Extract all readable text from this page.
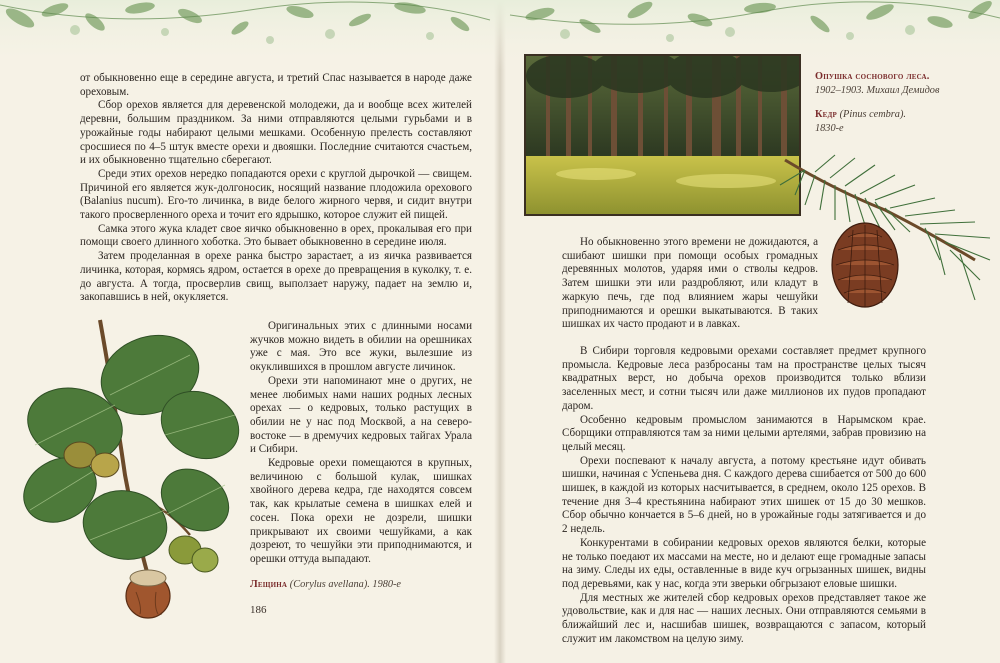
от обыкновенно еще в середине августа, и третий Спас называется в народе даже ореховым.

Сбор орехов является для деревенской молодежи, да и вообще всех жителей деревни, большим праздником. За ними отправляются целыми гурьбами и в урожайные годы набирают целыми мешками. Особенную прелесть составляют сросшиеся по 4–5 штук вместе орехи и двояшки. Последние считаются счастьем, и их обыкновенно тщательно сберегают.

Среди этих орехов нередко попадаются орехи с круглой дырочкой — свищем. Причиной его является жук-долгоносик, носящий название плодожила орехового (Balanius nucum). Его-то личинка, в виде белого жирного червя, и сидит внутри такого просверленного ореха и точит его ядрышко, которое служит ей пищей.

Самка этого жука кладет свое яичко обыкновенно в орех, прокалывая его при помощи своего длинного хоботка. Это бывает обыкновенно в середине июля.

Затем проделанная в орехе ранка быстро зарастает, а из яичка развивается личинка, которая, кормясь ядром, остается в орехе до превращения в куколку, т. е. до августа. А тогда, просверлив свищ, выползает наружу, падает на землю и, закопавшись в ней, окукляется.

Оригинальных этих с длинными носами жучков можно видеть в обилии на орешниках уже с мая. Это все жуки, вылезшие из окуклившихся в прошлом августе личинок.

Орехи эти напоминают мне о других, не менее любимых нами наших родных лесных орехах — о кедровых, только растущих в обилии не у нас под Москвой, а на северо-востоке — в дремучих кедровых тайгах Урала и Сибири.

Кедровые орехи помещаются в крупных, величиною с большой кулак, шишках хвойного дерева кедра, где находятся совсем так, как крылатые семена в шишках елей и сосен. Пока орехи не дозрели, шишки прикрывают их своими чешуйками, а как дозреют, то чешуйки эти приподнимаются, и орешки оттуда выпадают.

Лещина (Corylus avellana). 1980-е
186
Опушка соснового леса.
1902–1903. Михаил Демидов
Кедр (Pinus cembra).
1830-е

Но обыкновенно этого времени не дожидаются, а сшибают шишки при помощи особых громадных деревянных молотов, ударяя ими о стволы кедров. Затем шишки эти или раздробляют, или кладут в жаркую печь, где под влиянием жары чешуйки приподнимаются и орешки выкатываются. В таких шишках их часто продают и в лавках.

В Сибири торговля кедровыми орехами составляет предмет крупного промысла. Кедровые леса разбросаны там на пространстве целых тысяч квадратных верст, но добыча орехов производится только вблизи заселенных мест, и сотни тысяч или даже миллионов их пудов пропадают даром.

Особенно кедровым промыслом занимаются в Нарымском крае. Сборщики отправляются там за ними целыми артелями, забрав провизию на целый месяц.

Орехи поспевают к началу августа, а потому крестьяне идут обивать шишки, начиная с Успеньева дня. С каждого дерева сшибается от 500 до 600 шишек, в каждой из которых насчитывается, в среднем, около 125 орехов. В течение дня 3–4 крестьянина набирают этих шишек от 15 до 30 мешков. Сбор обычно кончается в 5–6 дней, но в урожайные годы затягивается и до 2 недель.

Конкурентами в собирании кедровых орехов являются белки, которые не только поедают их массами на месте, но и делают еще громадные запасы на зиму. Следы их еды, оставленные в виде куч огрызанных шишек, видны под деревьями, как у нас, когда эти зверьки обгрызают еловые шишки.

Для местных же жителей сбор кедровых орехов представляет такое же удовольствие, как и для нас — наших лесных. Они отправляются семьями в ближайший лес и, насшибав шишек, возвращаются с запасом, который служит им лакомством на целую зиму.
